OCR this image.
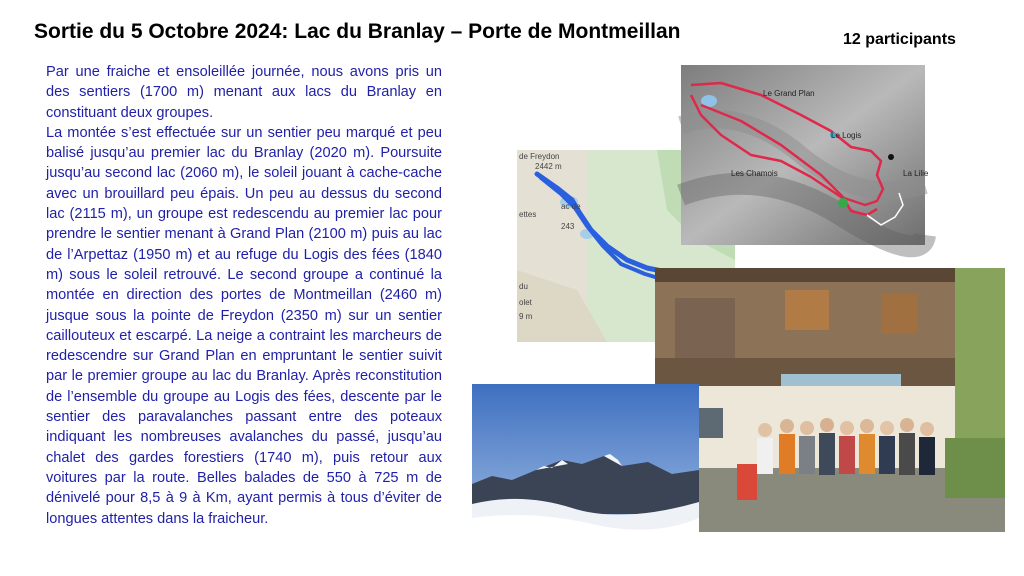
Sortie du 5 Octobre 2024: Lac du Branlay – Porte de Montmeillan	12 participants

Par une fraiche et ensoleillée journée, nous avons pris un des sentiers (1700 m) menant aux lacs du Branlay en constituant deux groupes.

La montée s’est effectuée sur un sentier peu marqué et peu balisé jusqu’au premier lac du Branlay (2020 m). Poursuite jusqu’au second lac (2060 m), le soleil jouant à cache-cache avec un brouillard peu épais. Un peu au dessus du second lac (2115 m), un groupe est redescendu au premier lac pour prendre le sentier menant à Grand Plan (2100 m) puis au lac de l’Arpettaz (1950 m) et au refuge du Logis des fées (1840 m) sous le soleil retrouvé. Le second groupe a continué la montée en direction des portes de Montmeillan (2460 m) jusque sous la pointe de Freydon (2350 m) sur un sentier caillouteux et escarpé. La neige a contraint les marcheurs de redescendre sur Grand Plan en empruntant le sentier suivit par le premier groupe au lac du Branlay. Après reconstitution de l’ensemble du groupe au Logis des fées, descente par le sentier des paravalanches passant entre des poteaux indiquant les nombreuses avalanches du passé, jusqu’au chalet des gardes forestiers (1740 m), puis retour aux voitures par la route. Belles balades de 550 à 725 m de dénivelé pour 8,5 à 9 à Km, ayant permis à tous d’éviter de longues attentes dans la fraicheur.

de Freydon
2442 m
ac de
243
ettes
du
olet
9 m
Le Grand Plan
Les Chamois
Le Logis
La Lilie
